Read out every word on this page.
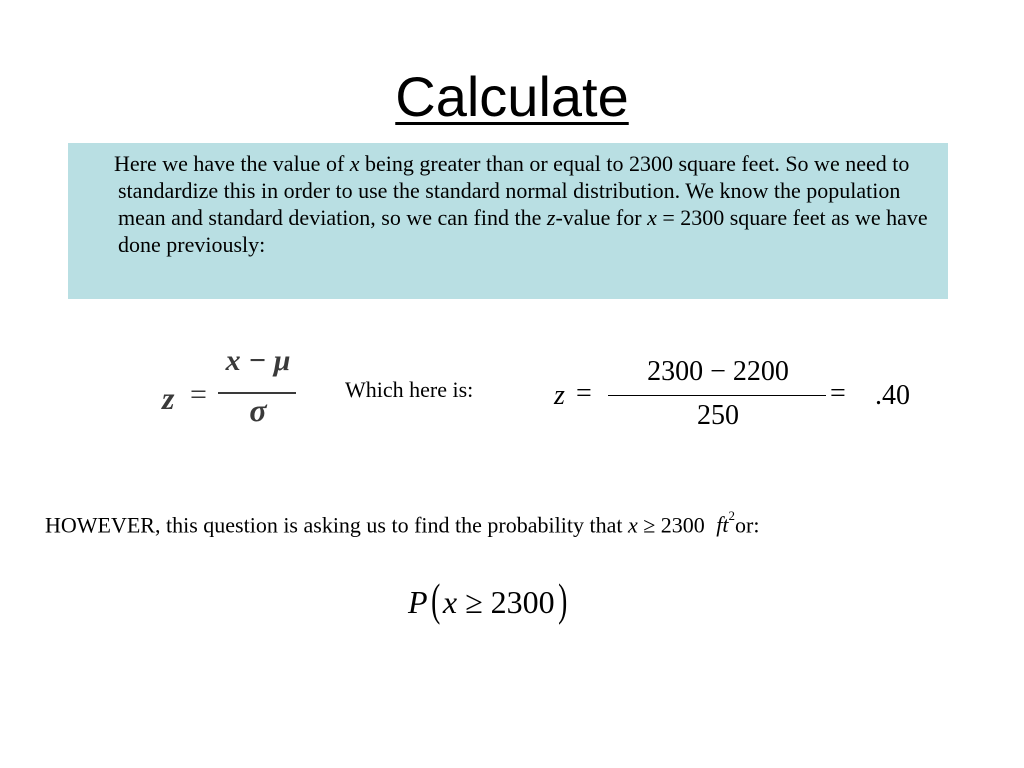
Calculate
Here we have the value of x being greater than or equal to 2300 square feet. So we need to standardize this in order to use the standard normal distribution. We know the population mean and standard deviation, so we can find the z-value for x = 2300 square feet as we have done previously:
z =
x − μ
σ
Which here is:	z =
2300 − 2200
250
=	.40
HOWEVER, this question is asking us to find the probability that x ≥ 2300 $ft^2or$:
P(x ≥ 2300)
